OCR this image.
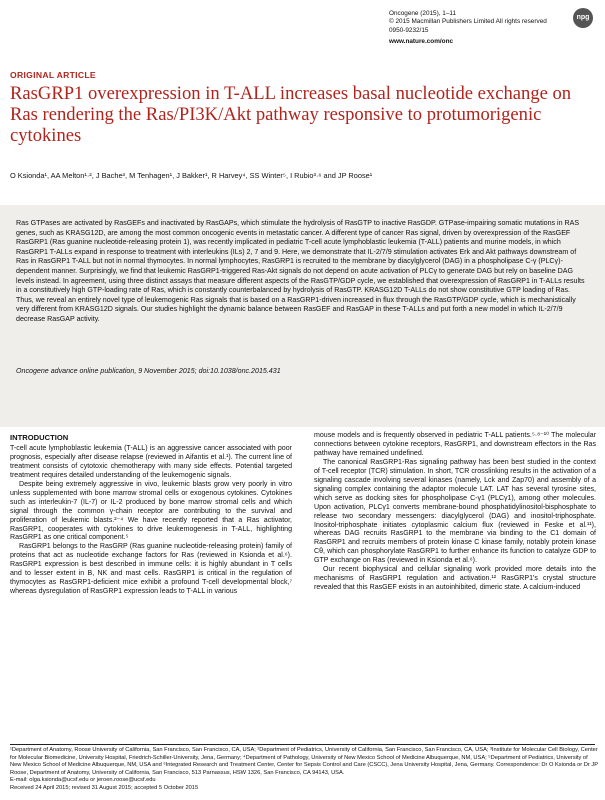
Oncogene (2015), 1–11
© 2015 Macmillan Publishers Limited All rights reserved 0950-9232/15
www.nature.com/onc
npg
ORIGINAL ARTICLE
RasGRP1 overexpression in T-ALL increases basal nucleotide exchange on Ras rendering the Ras/PI3K/Akt pathway responsive to protumorigenic cytokines
O Ksionda¹, AA Melton¹·², J Bache³, M Tenhagen¹, J Bakker¹, R Harvey⁴, SS Winter⁵, I Rubio³·⁶ and JP Roose¹

Ras GTPases are activated by RasGEFs and inactivated by RasGAPs, which stimulate the hydrolysis of RasGTP to inactive RasGDP. GTPase-impairing somatic mutations in RAS genes, such as KRASG12D, are among the most common oncogenic events in metastatic cancer. A different type of cancer Ras signal, driven by overexpression of the RasGEF RasGRP1 (Ras guanine nucleotide-releasing protein 1), was recently implicated in pediatric T-cell acute lymphoblastic leukemia (T-ALL) patients and murine models, in which RasGRP1 T-ALLs expand in response to treatment with interleukins (ILs) 2, 7 and 9. Here, we demonstrate that IL-2/7/9 stimulation activates Erk and Akt pathways downstream of Ras in RasGRP1 T-ALL but not in normal thymocytes. In normal lymphocytes, RasGRP1 is recruited to the membrane by diacylglycerol (DAG) in a phospholipase C-γ (PLCγ)-dependent manner. Surprisingly, we find that leukemic RasGRP1-triggered Ras-Akt signals do not depend on acute activation of PLCγ to generate DAG but rely on baseline DAG levels instead. In agreement, using three distinct assays that measure different aspects of the RasGTP/GDP cycle, we established that overexpression of RasGRP1 in T-ALLs results in a constitutively high GTP-loading rate of Ras, which is constantly counterbalanced by hydrolysis of RasGTP. KRASG12D T-ALLs do not show constitutive GTP loading of Ras. Thus, we reveal an entirely novel type of leukemogenic Ras signals that is based on a RasGRP1-driven increased in flux through the RasGTP/GDP cycle, which is mechanistically very different from KRASG12D signals. Our studies highlight the dynamic balance between RasGEF and RasGAP in these T-ALLs and put forth a new model in which IL-2/7/9 decrease RasGAP activity.

Oncogene advance online publication, 9 November 2015; doi:10.1038/onc.2015.431

INTRODUCTION

T-cell acute lymphoblastic leukemia (T-ALL) is an aggressive cancer associated with poor prognosis, especially after disease relapse (reviewed in Aifantis et al.¹). The current line of treatment consists of cytotoxic chemotherapy with many side effects. Potential targeted treatment requires detailed understanding of the leukemogenic signals.

Despite being extremely aggressive in vivo, leukemic blasts grow very poorly in vitro unless supplemented with bone marrow stromal cells or exogenous cytokines. Cytokines such as interleukin-7 (IL-7) or IL-2 produced by bone marrow stromal cells and which signal through the common γ-chain receptor are contributing to the survival and proliferation of leukemic blasts.²⁻⁴ We have recently reported that a Ras activator, RasGRP1, cooperates with cytokines to drive leukemogenesis in T-ALL, highlighting RasGRP1 as one critical component.⁵

RasGRP1 belongs to the RasGRP (Ras guanine nucleotide-releasing protein) family of proteins that act as nucleotide exchange factors for Ras (reviewed in Ksionda et al.⁶). RasGRP1 expression is best described in immune cells: it is highly abundant in T cells and to lesser extent in B, NK and mast cells. RasGRP1 is critical in the regulation of thymocytes as RasGRP1-deficient mice exhibit a profound T-cell developmental block,⁷ whereas dysregulation of RasGRP1 expression leads to T-ALL in various

mouse models and is frequently observed in pediatric T-ALL patients.⁵·⁸⁻¹⁰ The molecular connections between cytokine receptors, RasGRP1, and downstream effectors in the Ras pathway have remained undefined.

The canonical RasGRP1-Ras signaling pathway has been best studied in the context of T-cell receptor (TCR) stimulation. In short, TCR crosslinking results in the activation of a signaling cascade involving several kinases (namely, Lck and Zap70) and assembly of a signaling complex containing the adaptor molecule LAT. LAT has several tyrosine sites, which serve as docking sites for phospholipase C-γ1 (PLCγ1), among other molecules. Upon activation, PLCγ1 converts membrane-bound phosphatidylinositol-bisphosphate to release two secondary messengers: diacylglycerol (DAG) and inositol-triphosphate. Inositol-triphosphate initiates cytoplasmic calcium flux (reviewed in Feske et al.¹¹), whereas DAG recruits RasGRP1 to the membrane via binding to the C1 domain of RasGRP1 and recruits members of protein kinase C kinase family, notably protein kinase Cθ, which can phosphorylate RasGRP1 to further enhance its function to catalyze GDP to GTP exchange on Ras (reviewed in Ksionda et al.⁶).

Our recent biophysical and cellular signaling work provided more details into the mechanisms of RasGRP1 regulation and activation.¹² RasGRP1's crystal structure revealed that this RasGEF exists in an autoinhibited, dimeric state. A calcium-induced

¹Department of Anatomy, Roose University of California, San Francisco, San Francisco, CA, USA; ²Department of Pediatrics, University of California, San Francisco, San Francisco, CA, USA; ³Institute for Molecular Cell Biology, Center for Molecular Biomedicine, University Hospital, Friedrich-Schiller-University, Jena, Germany; ⁴Department of Pathology, University of New Mexico School of Medicine Albuquerque, NM, USA; ⁵Department of Pediatrics, University of New Mexico School of Medicine Albuquerque, NM, USA and ⁶Integrated Research and Treatment Center, Center for Sepsis Control and Care (CSCC), Jena University Hospital, Jena, Germany. Correspondence: Dr O Ksionda or Dr JP Roose, Department of Anatomy, University of California, San Francisco, 513 Parnassus, HSW 1326, San Francisco, CA 94143, USA.
E-mail: olga.ksionda@ucsf.edu or jeroen.roose@ucsf.edu
Received 24 April 2015; revised 31 August 2015; accepted 5 October 2015
